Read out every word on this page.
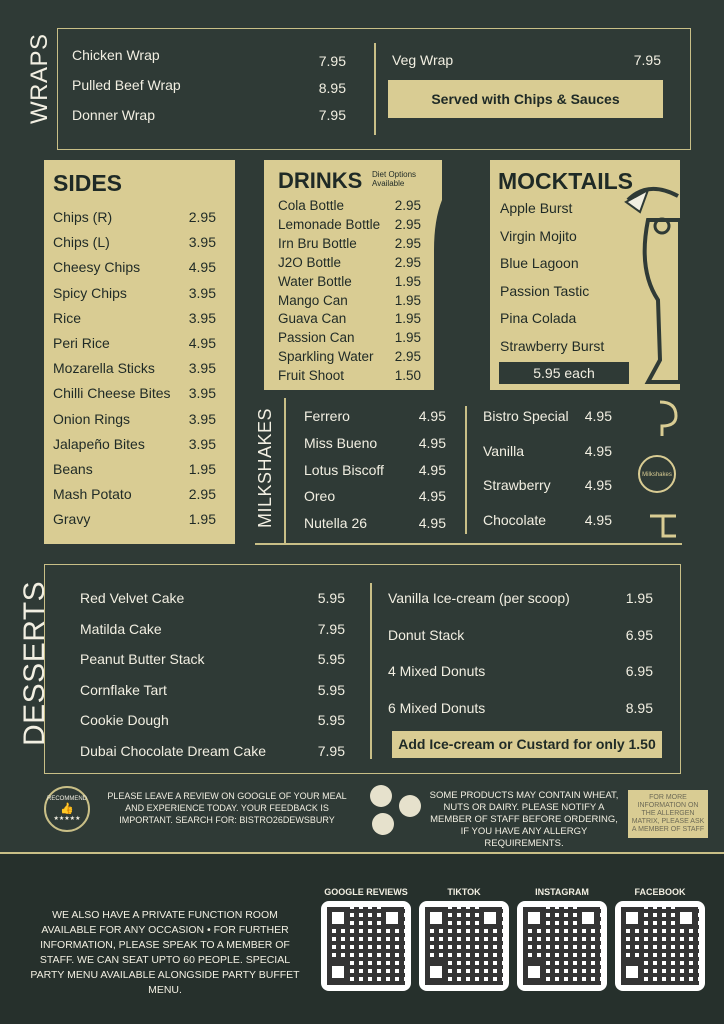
WRAPS Chicken Wrap	7.95
Pulled Beef Wrap	8.95
Donner Wrap	7.95
Veg Wrap	7.95
Served with Chips & Sauces
SIDES
Chips (R)	2.95
Chips (L)	3.95
Cheesy Chips	4.95
Spicy Chips	3.95
Rice	3.95
Peri Rice	4.95
Mozarella Sticks	3.95
Chilli Cheese Bites	3.95
Onion Rings	3.95
Jalapeño Bites	3.95
Beans	1.95
Mash Potato	2.95
Gravy	1.95
DRINKS Diet Options Available
Cola Bottle	2.95
Lemonade Bottle	2.95
Irn Bru Bottle	2.95
J2O Bottle	2.95
Water Bottle	1.95
Mango Can	1.95
Guava Can	1.95
Passion Can	1.95
Sparkling Water	2.95
Fruit Shoot	1.50
MOCKTAILS
Apple Burst
Virgin Mojito
Blue Lagoon
Passion Tastic
Pina Colada
Strawberry Burst
5.95 each
MILKSHAKES Ferrero	4.95
Miss Bueno	4.95
Lotus Biscoff	4.95
Oreo	4.95
Nutella 26	4.95
Bistro Special	4.95
Vanilla	4.95
Strawberry	4.95
Chocolate	4.95
Milkshakes
DESSERTS	Red Velvet Cake	5.95
Matilda Cake	7.95
Peanut Butter Stack	5.95
Cornflake Tart	5.95
Cookie Dough	5.95
Dubai Chocolate Dream Cake	7.95
Vanilla Ice-cream (per scoop)	1.95
Donut Stack	6.95
4 Mixed Donuts	6.95
6 Mixed Donuts	8.95
Add Ice-cream or Custard for only 1.50
RECOMMEND
👍
★★★★★
PLEASE LEAVE A REVIEW ON GOOGLE OF YOUR MEAL AND EXPERIENCE TODAY. YOUR FEEDBACK IS IMPORTANT. SEARCH FOR: BISTRO26DEWSBURY
SOME PRODUCTS MAY CONTAIN WHEAT, NUTS OR DAIRY. PLEASE NOTIFY A MEMBER OF STAFF BEFORE ORDERING, IF YOU HAVE ANY ALLERGY REQUIREMENTS.
FOR MORE INFORMATION ON THE ALLERGEN MATRIX, PLEASE ASK A MEMBER OF STAFF
WE ALSO HAVE A PRIVATE FUNCTION ROOM AVAILABLE FOR ANY OCCASION • FOR FURTHER INFORMATION, PLEASE SPEAK TO A MEMBER OF STAFF. WE CAN SEAT UPTO 60 PEOPLE. SPECIAL PARTY MENU AVAILABLE ALONGSIDE PARTY BUFFET MENU.
GOOGLE REVIEWS	TIKTOK	INSTAGRAM	FACEBOOK
